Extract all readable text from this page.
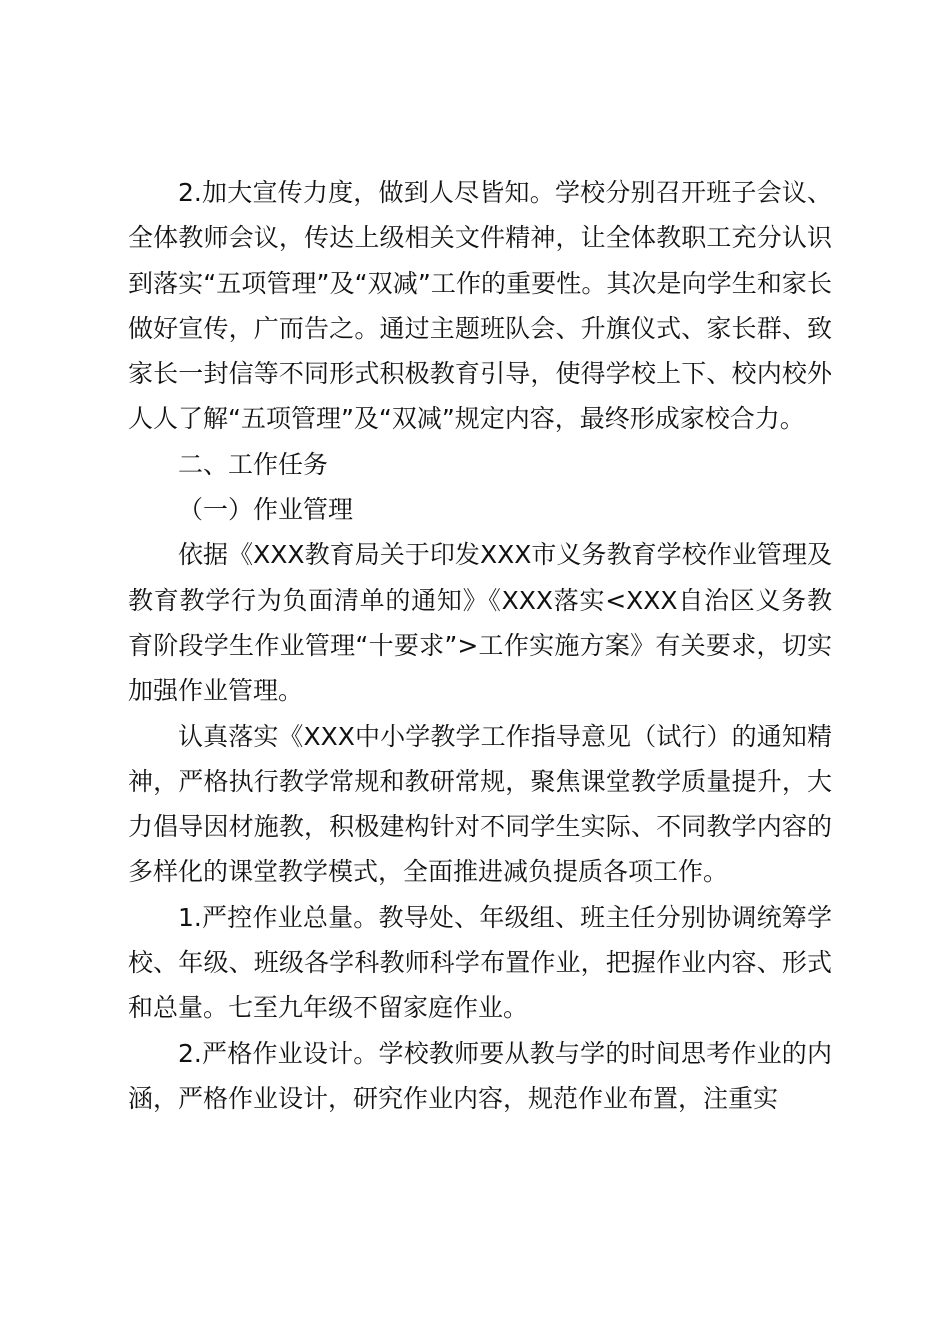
2.加大宣传力度，做到人尽皆知。学校分别召开班子会议、全体教师会议，传达上级相关文件精神，让全体教职工充分认识到落实“五项管理”及“双减”工作的重要性。其次是向学生和家长做好宣传，广而告之。通过主题班队会、升旗仪式、家长群、致家长一封信等不同形式积极教育引导，使得学校上下、校内校外人人了解“五项管理”及“双减”规定内容，最终形成家校合力。

二、工作任务

（一）作业管理

依据《XXX教育局关于印发XXX市义务教育学校作业管理及教育教学行为负面清单的通知》《XXX落实<XXX自治区义务教育阶段学生作业管理“十要求”>工作实施方案》有关要求，切实加强作业管理。

认真落实《XXX中小学教学工作指导意见（试行）的通知精神，严格执行教学常规和教研常规，聚焦课堂教学质量提升，大力倡导因材施教，积极建构针对不同学生实际、不同教学内容的多样化的课堂教学模式，全面推进减负提质各项工作。

1.严控作业总量。教导处、年级组、班主任分别协调统筹学校、年级、班级各学科教师科学布置作业，把握作业内容、形式和总量。七至九年级不留家庭作业。

2.严格作业设计。学校教师要从教与学的时间思考作业的内涵，严格作业设计，研究作业内容，规范作业布置，注重实
